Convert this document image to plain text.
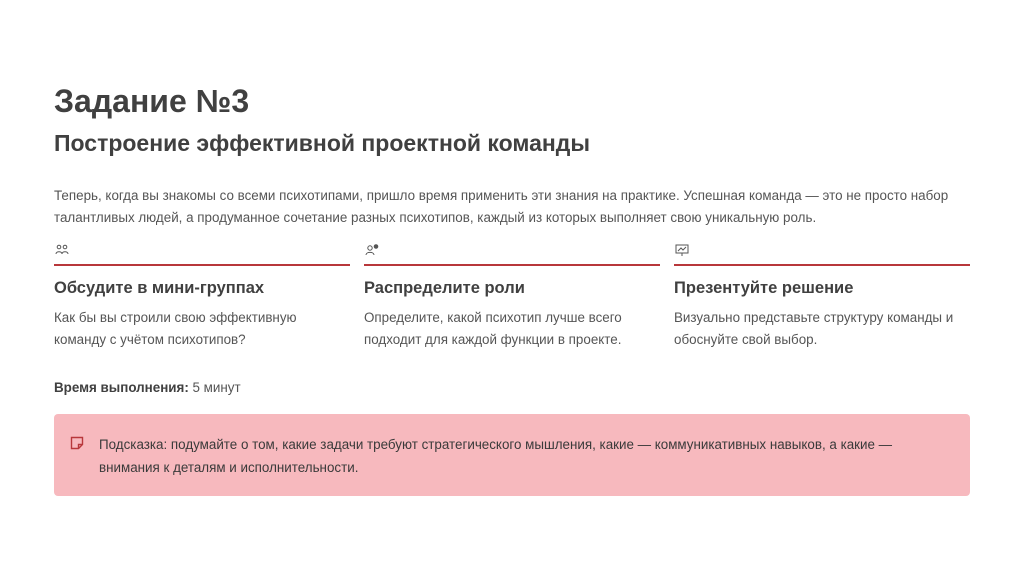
Задание №3
Построение эффективной проектной команды

Теперь, когда вы знакомы со всеми психотипами, пришло время применить эти знания на практике. Успешная команда — это не просто набор талантливых людей, а продуманное сочетание разных психотипов, каждый из которых выполняет свою уникальную роль.

Обсудите в мини-группах

Как бы вы строили свою эффективную команду с учётом психотипов?

Распределите роли

Определите, какой психотип лучше всего подходит для каждой функции в проекте.

Презентуйте решение

Визуально представьте структуру команды и обоснуйте свой выбор.

Время выполнения: 5 минут

Подсказка: подумайте о том, какие задачи требуют стратегического мышления, какие — коммуникативных навыков, а какие — внимания к деталям и исполнительности.
